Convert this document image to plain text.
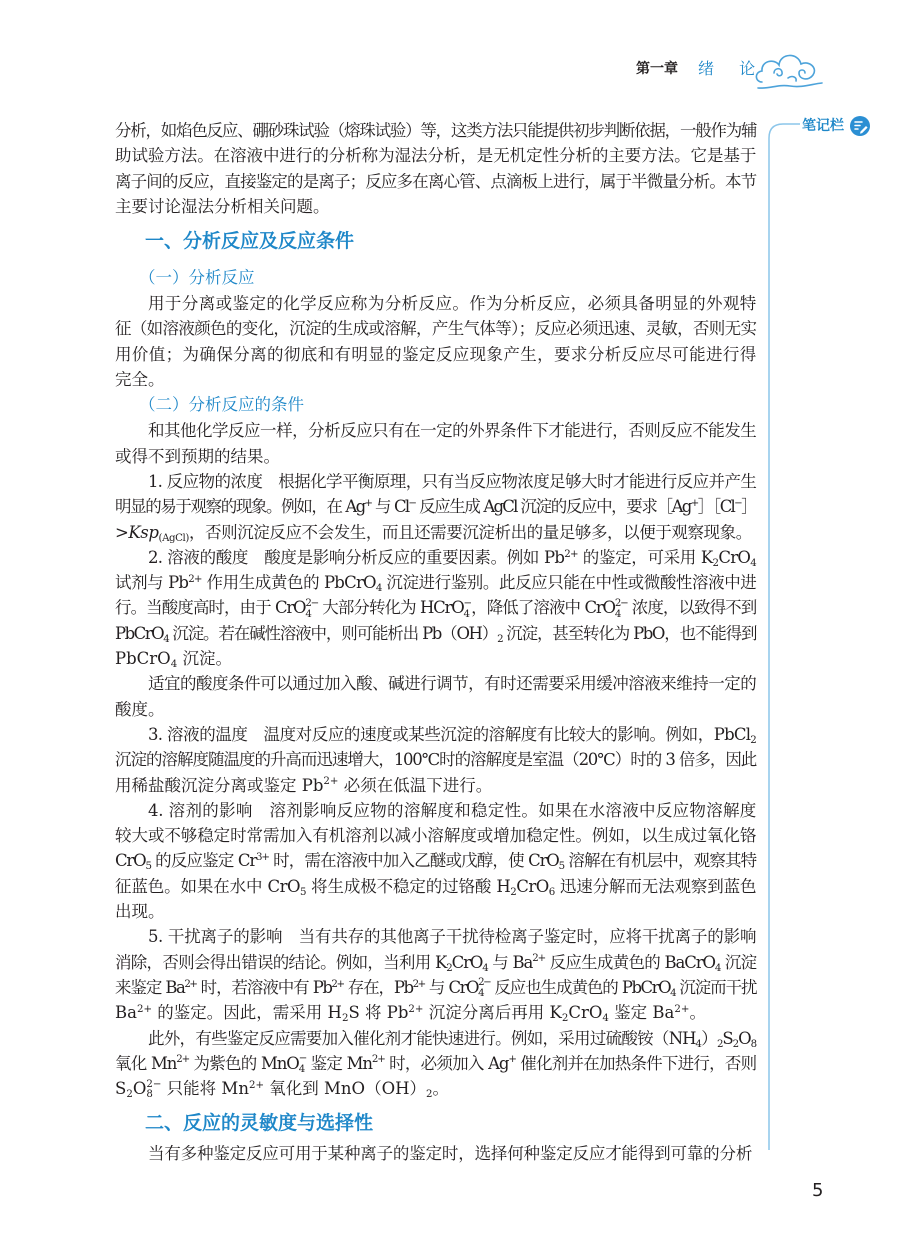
第一章 绪 论
笔记栏
分析，如焰色反应、硼砂珠试验（熔珠试验）等，这类方法只能提供初步判断依据，一般作为辅
助试验方法。在溶液中进行的分析称为湿法分析，是无机定性分析的主要方法。它是基于
离子间的反应，直接鉴定的是离子；反应多在离心管、点滴板上进行，属于半微量分析。本节
主要讨论湿法分析相关问题。
一、分析反应及反应条件
（一）分析反应
用于分离或鉴定的化学反应称为分析反应。作为分析反应，必须具备明显的外观特
征（如溶液颜色的变化，沉淀的生成或溶解，产生气体等）；反应必须迅速、灵敏，否则无实
用价值；为确保分离的彻底和有明显的鉴定反应现象产生，要求分析反应尽可能进行得
完全。
（二）分析反应的条件
和其他化学反应一样，分析反应只有在一定的外界条件下才能进行，否则反应不能发生
或得不到预期的结果。
1. 反应物的浓度　根据化学平衡原理，只有当反应物浓度足够大时才能进行反应并产生
明显的易于观察的现象。例如，在 Ag+ 与 Cl− 反应生成 AgCl 沉淀的反应中，要求［Ag+］［Cl−］
>Ksp(AgCl)，否则沉淀反应不会发生，而且还需要沉淀析出的量足够多，以便于观察现象。
2. 溶液的酸度　酸度是影响分析反应的重要因素。例如 $Pb^{2+}$ 的鉴定，可采用 K2CrO4
试剂与 $Pb^{2+}$ 作用生成黄色的 PbCrO4 沉淀进行鉴别。此反应只能在中性或微酸性溶液中进
行。当酸度高时，由于 CrO 2−
4 大部分转化为 HCrO −
4 ，降低了溶液中 CrO 2−
4 浓度，以致得不到
PbCrO4 沉淀。若在碱性溶液中，则可能析出 Pb（OH）2 沉淀，甚至转化为 PbO，也不能得到
PbCrO4 沉淀。
适宜的酸度条件可以通过加入酸、碱进行调节，有时还需要采用缓冲溶液来维持一定的
酸度。
3. 溶液的温度　温度对反应的速度或某些沉淀的溶解度有比较大的影响。例如，PbCl2
沉淀的溶解度随温度的升高而迅速增大，100℃时的溶解度是室温（20℃）时的 3 倍多，因此
用稀盐酸沉淀分离或鉴定 $Pb^{2+}$ 必须在低温下进行。
4. 溶剂的影响　溶剂影响反应物的溶解度和稳定性。如果在水溶液中反应物溶解度
较大或不够稳定时常需加入有机溶剂以减小溶解度或增加稳定性。例如，以生成过氧化铬
CrO5 的反应鉴定 $Cr^{3+}$ 时，需在溶液中加入乙醚或戊醇，使 CrO5 溶解在有机层中，观察其特
征蓝色。如果在水中 CrO5 将生成极不稳定的过铬酸 H2CrO6 迅速分解而无法观察到蓝色
出现。
5. 干扰离子的影响　当有共存的其他离子干扰待检离子鉴定时，应将干扰离子的影响
消除，否则会得出错误的结论。例如，当利用 K2CrO4 与 $Ba^{2+}$ 反应生成黄色的 BaCrO4 沉淀
来鉴定 $Ba^{2+}$ 时，若溶液中有 $Pb^{2+}$ 存在，$Pb^{2+}$ 与 CrO 2−
4 反应也生成黄色的 PbCrO4 沉淀而干扰
$Ba^{2+}$ 的鉴定。因此，需采用 H2S 将 $Pb^{2+}$ 沉淀分离后再用 K2CrO4 鉴定 $Ba^{2+}$。
此外，有些鉴定反应需要加入催化剂才能快速进行。例如，采用过硫酸铵（NH4）2S2O8
氧化 $Mn^{2+}$ 为紫色的 MnO −
4 鉴定 $Mn^{2+}$ 时，必须加入 Ag+ 催化剂并在加热条件下进行，否则
S2O 2−
8 只能将 $Mn^{2+}$ 氧化到 MnO（OH）2。
二、反应的灵敏度与选择性
当有多种鉴定反应可用于某种离子的鉴定时，选择何种鉴定反应才能得到可靠的分析
5
